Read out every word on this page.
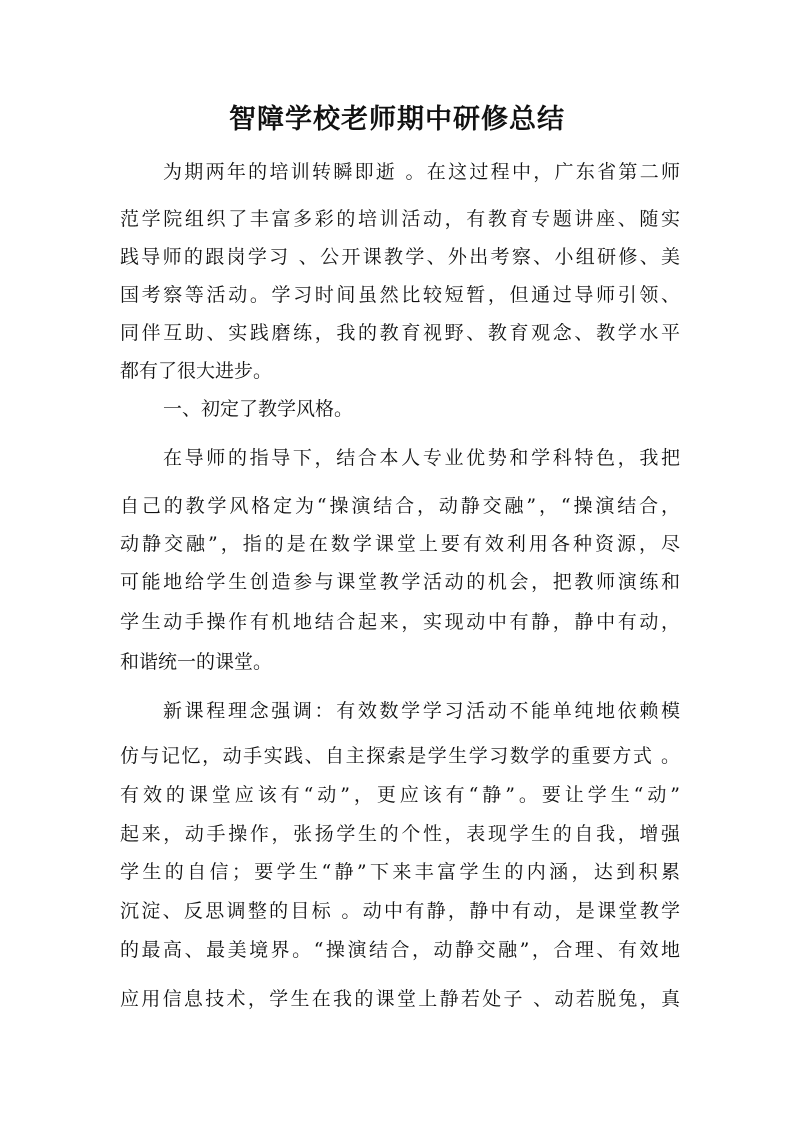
智障学校老师期中研修总结
为期两年的培训转瞬即逝 。在这过程中，广东省第二师
范学院组织了丰富多彩的培训活动，有教育专题讲座、随实
践导师的跟岗学习 、公开课教学、外出考察、小组研修、美
国考察等活动。学习时间虽然比较短暂，但通过导师引领、
同伴互助、实践磨练，我的教育视野、教育观念、教学水平
都有了很大进步。
一、初定了教学风格。
在导师的指导下，结合本人专业优势和学科特色，我把
自己的教学风格定为“操演结合，动静交融”，“操演结合，
动静交融”，指的是在数学课堂上要有效利用各种资源，尽
可能地给学生创造参与课堂教学活动的机会，把教师演练和
学生动手操作有机地结合起来，实现动中有静，静中有动，
和谐统一的课堂。
新课程理念强调：有效数学学习活动不能单纯地依赖模
仿与记忆，动手实践、自主探索是学生学习数学的重要方式 。
有效的课堂应该有“动”，更应该有“静”。要让学生“动”
起来，动手操作，张扬学生的个性，表现学生的自我，增强
学生的自信；要学生“静”下来丰富学生的内涵，达到积累
沉淀、反思调整的目标 。动中有静，静中有动，是课堂教学
的最高、最美境界。“操演结合，动静交融”，合理、有效地
应用信息技术，学生在我的课堂上静若处子 、动若脱兔，真
